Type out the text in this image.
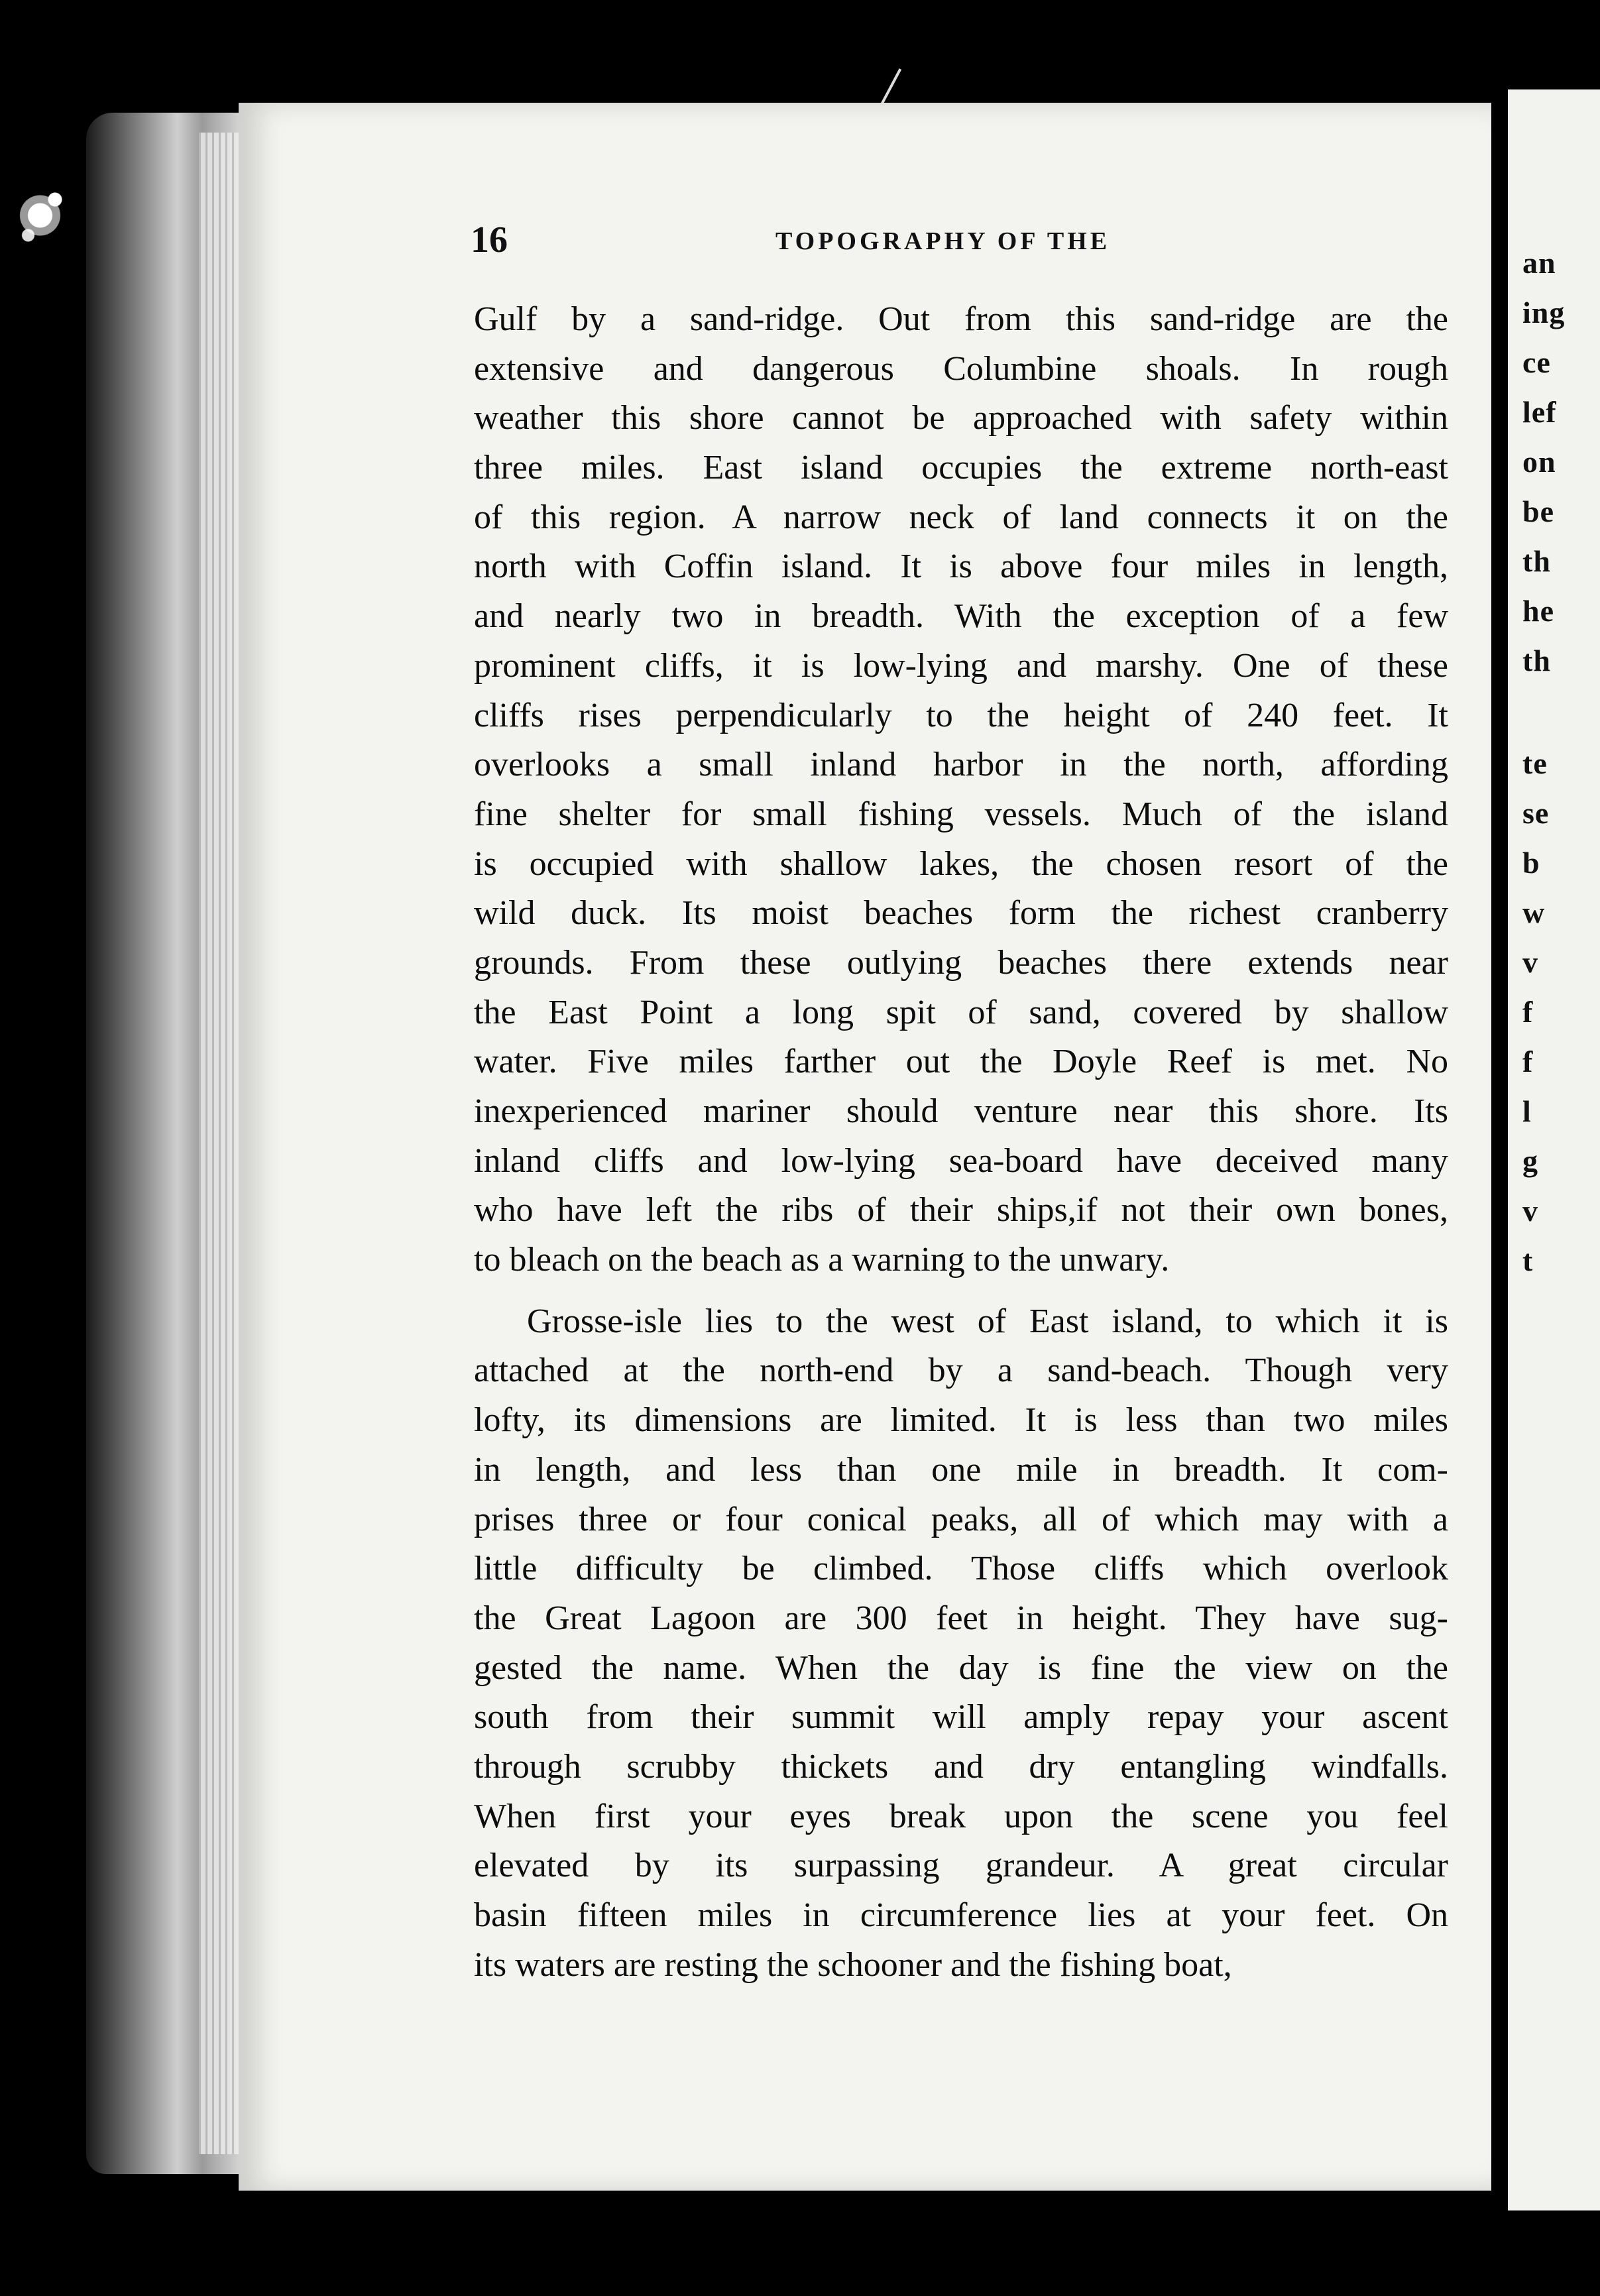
16	TOPOGRAPHY OF THE
Gulf by a sand-ridge. Out from this sand-ridge are the
extensive and dangerous Columbine shoals. In rough
weather this shore cannot be approached with safety within
three miles. East island occupies the extreme north-east
of this region. A narrow neck of land connects it on the
north with Coffin island. It is above four miles in length,
and nearly two in breadth. With the exception of a few
prominent cliffs, it is low-lying and marshy. One of these
cliffs rises perpendicularly to the height of 240 feet. It
overlooks a small inland harbor in the north, affording
fine shelter for small fishing vessels. Much of the island
is occupied with shallow lakes, the chosen resort of the
wild duck. Its moist beaches form the richest cranberry
grounds. From these outlying beaches there extends near
the East Point a long spit of sand, covered by shallow
water. Five miles farther out the Doyle Reef is met. No
inexperienced mariner should venture near this shore. Its
inland cliffs and low-lying sea-board have deceived many
who have left the ribs of their ships,if not their own bones,
to bleach on the beach as a warning to the unwary.
Grosse-isle lies to the west of East island, to which it is
attached at the north-end by a sand-beach. Though very
lofty, its dimensions are limited. It is less than two miles
in length, and less than one mile in breadth. It com-
prises three or four conical peaks, all of which may with a
little difficulty be climbed. Those cliffs which overlook
the Great Lagoon are 300 feet in height. They have sug-
gested the name. When the day is fine the view on the
south from their summit will amply repay your ascent
through scrubby thickets and dry entangling windfalls.
When first your eyes break upon the scene you feel
elevated by its surpassing grandeur. A great circular
basin fifteen miles in circumference lies at your feet. On
its waters are resting the schooner and the fishing boat,
an
ing
ce
lef
on
be
th
he
th
te
se
b
w
v
f
f
l
g
v
t
